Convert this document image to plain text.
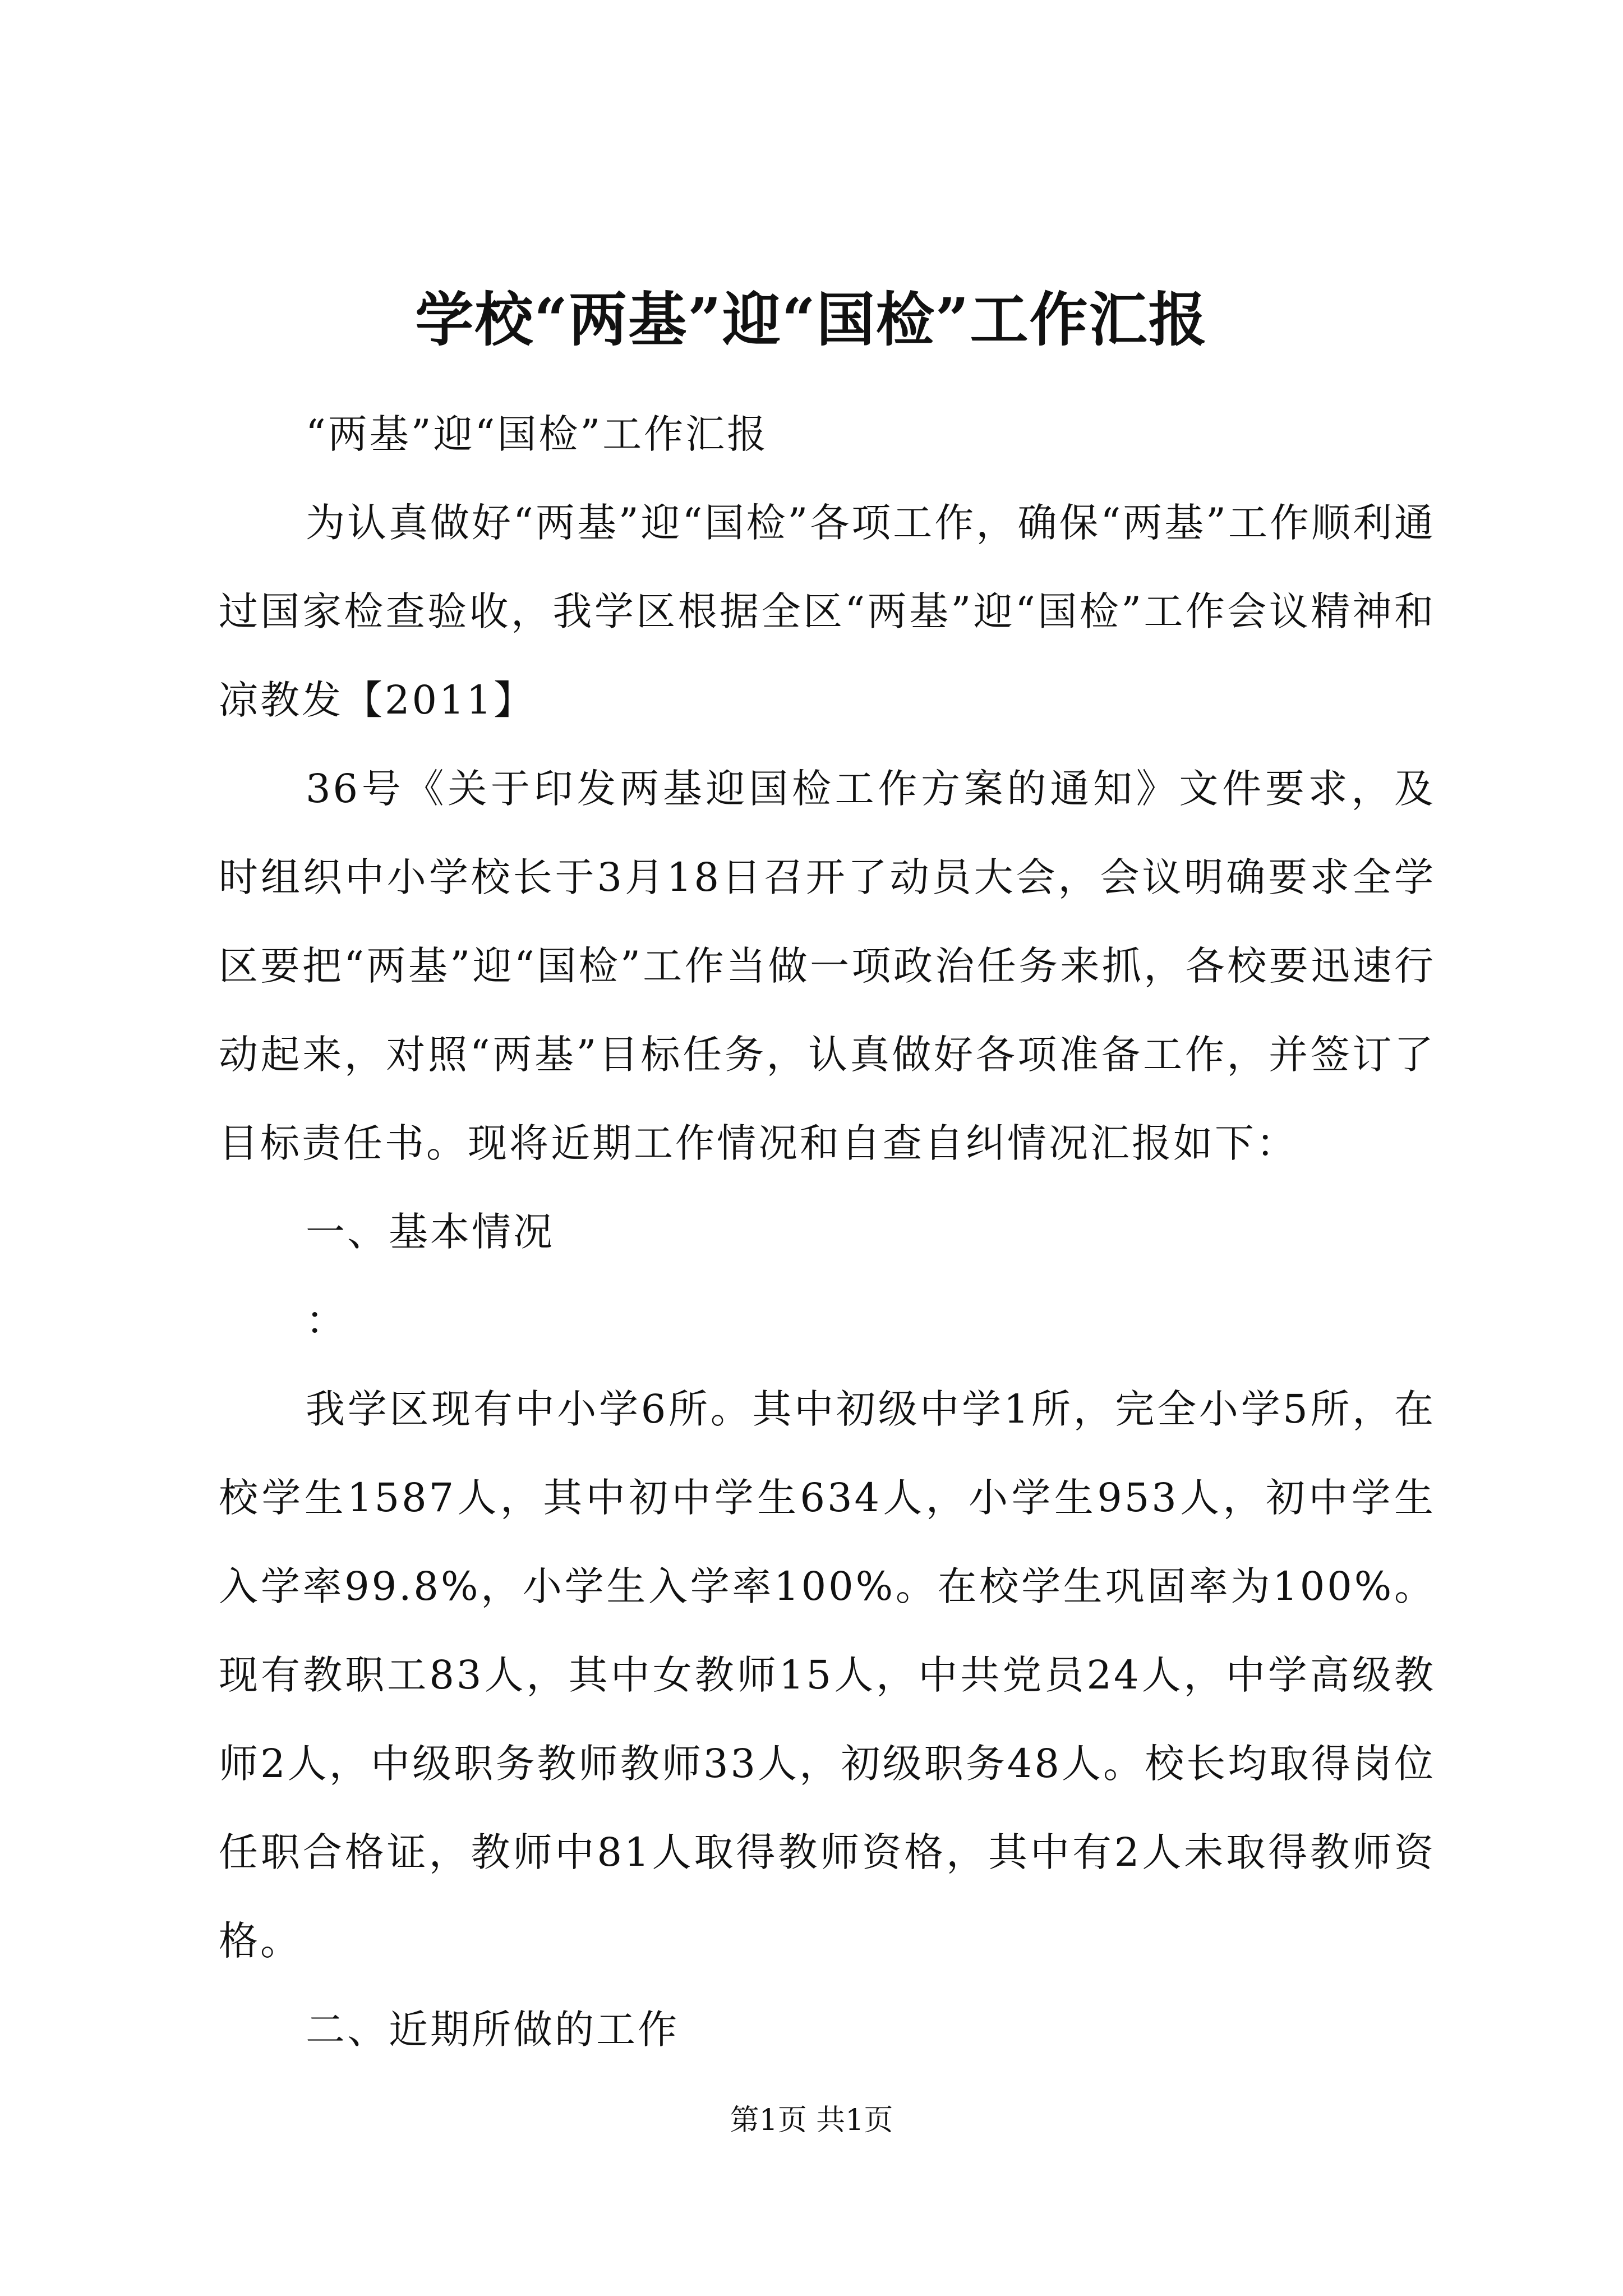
学校“两基”迎“国检”工作汇报

“两基”迎“国检”工作汇报

为认真做好“两基”迎“国检”各项工作，确保“两基”工作顺利通过国家检查验收，我学区根据全区“两基”迎“国检”工作会议精神和凉教发【2011】

36号《关于印发两基迎国检工作方案的通知》文件要求，及时组织中小学校长于3月18日召开了动员大会，会议明确要求全学区要把“两基”迎“国检”工作当做一项政治任务来抓，各校要迅速行动起来，对照“两基”目标任务，认真做好各项准备工作，并签订了目标责任书。现将近期工作情况和自查自纠情况汇报如下：

一、基本情况

：

我学区现有中小学6所。其中初级中学1所，完全小学5所，在校学生1587人，其中初中学生634人，小学生953人，初中学生入学率99.8%，小学生入学率100%。在校学生巩固率为100%。现有教职工83人，其中女教师15人，中共党员24人，中学高级教师2人，中级职务教师教师33人，初级职务48人。校长均取得岗位任职合格证，教师中81人取得教师资格，其中有2人未取得教师资格。

二、近期所做的工作

第1页 共1页
